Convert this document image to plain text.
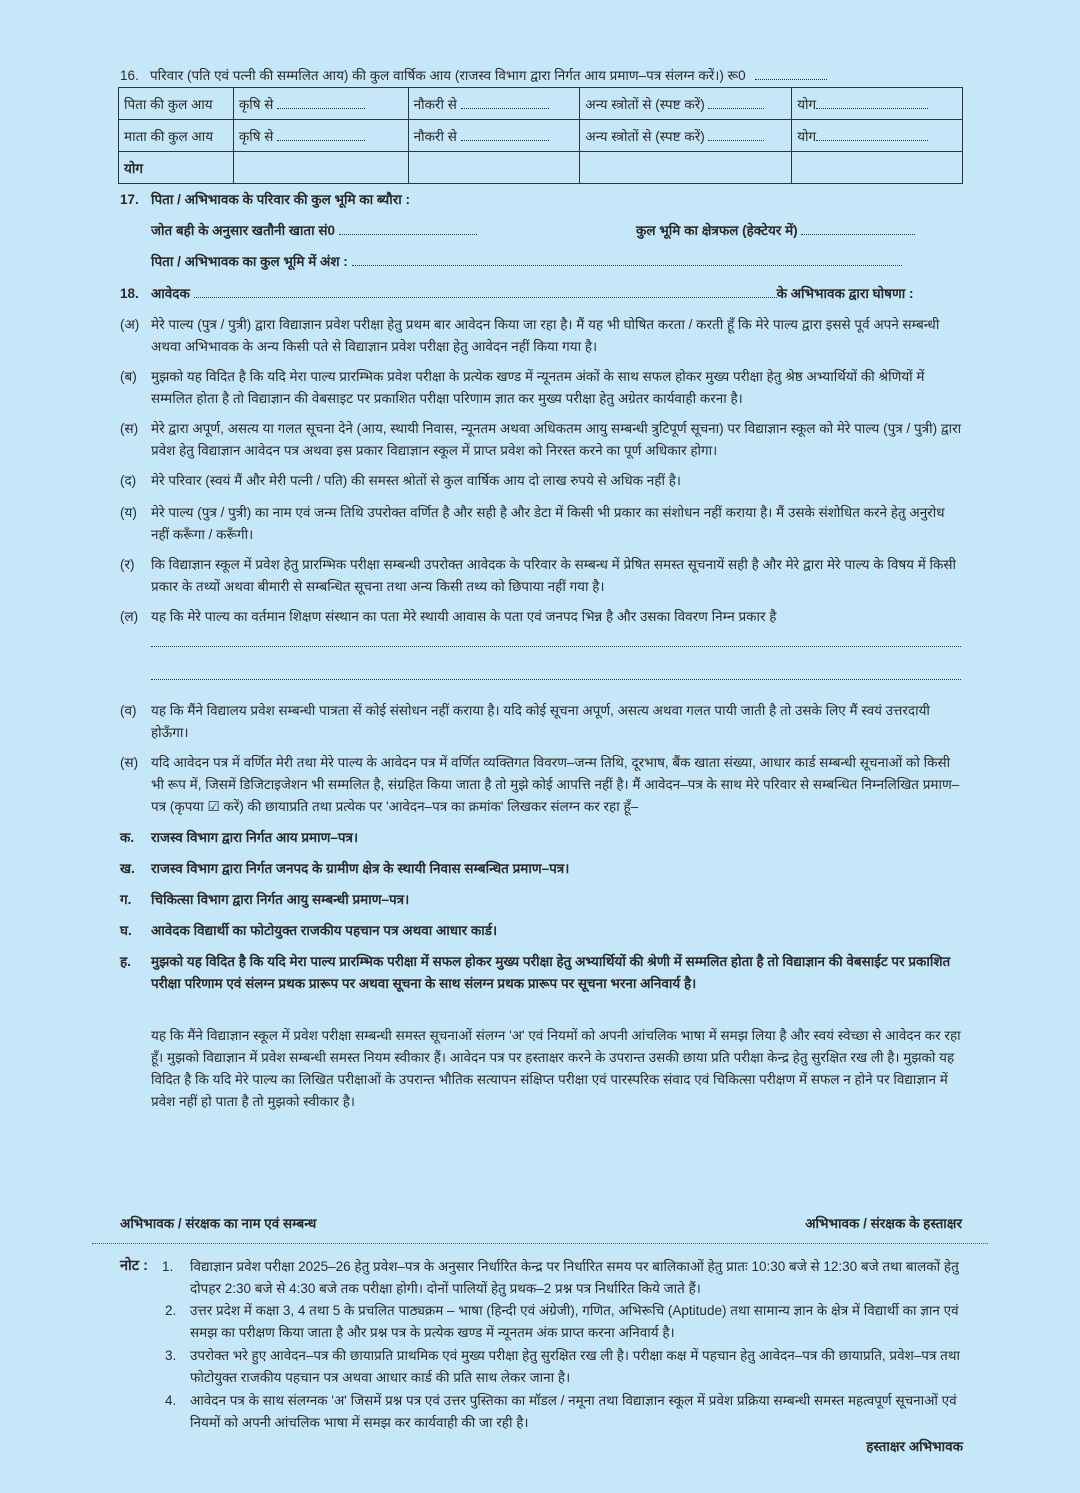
16. परिवार (पति एवं पत्नी की सम्मलित आय) की कुल वार्षिक आय (राजस्व विभाग द्वारा निर्गत आय प्रमाण–पत्र संलग्न करें।) रू0
पिता की कुल आय	कृषि से	नौकरी से	अन्य स्त्रोतों से (स्पष्ट करें)	योग
माता की कुल आय	कृषि से	नौकरी से	अन्य स्त्रोतों से (स्पष्ट करें)	योग
योग				
17. पिता / अभिभावक के परिवार की कुल भूमि का ब्यौरा :
जोत बही के अनुसार खतौनी खाता सं0	कुल भूमि का क्षेत्रफल (हेक्टेयर में)
पिता / अभिभावक का कुल भूमि में अंश :
18. आवेदक	के अभिभावक द्वारा घोषणा :
(अ) मेरे पाल्य (पुत्र / पुत्री) द्वारा विद्याज्ञान प्रवेश परीक्षा हेतु प्रथम बार आवेदन किया जा रहा है। मैं यह भी घोषित करता / करती हूँ कि मेरे पाल्य द्वारा इससे पूर्व अपने सम्बन्धी अथवा अभिभावक के अन्य किसी पते से विद्याज्ञान प्रवेश परीक्षा हेतु आवेदन नहीं किया गया है।
(ब)	मुझको यह विदित है कि यदि मेरा पाल्य प्रारम्भिक प्रवेश परीक्षा के प्रत्येक खण्ड में न्यूनतम अंकों के साथ सफल होकर मुख्य परीक्षा हेतु श्रेष्ठ अभ्यार्थियों की श्रेणियों में सम्मलित होता है तो विद्याज्ञान की वेबसाइट पर प्रकाशित परीक्षा परिणाम ज्ञात कर मुख्य परीक्षा हेतु अग्रेतर कार्यवाही करना है।
(स) मेरे द्वारा अपूर्ण, असत्य या गलत सूचना देने (आय, स्थायी निवास, न्यूनतम अथवा अधिकतम आयु सम्बन्धी त्रुटिपूर्ण सूचना) पर विद्याज्ञान स्कूल को मेरे पाल्य (पुत्र / पुत्री) द्वारा प्रवेश हेतु विद्याज्ञान आवेदन पत्र अथवा इस प्रकार विद्याज्ञान स्कूल में प्राप्त प्रवेश को निरस्त करने का पूर्ण अधिकार होगा।
(द)	मेरे परिवार (स्वयं मैं और मेरी पत्नी / पति) की समस्त श्रोतों से कुल वार्षिक आय दो लाख रुपये से अधिक नहीं है।
(य)	मेरे पाल्य (पुत्र / पुत्री) का नाम एवं जन्म तिथि उपरोक्त वर्णित है और सही है और डेटा में किसी भी प्रकार का संशोधन नहीं कराया है। मैं उसके संशोधित करने हेतु अनुरोध नहीं करूँगा / करूँगी।
(र)	कि विद्याज्ञान स्कूल में प्रवेश हेतु प्रारम्भिक परीक्षा सम्बन्धी उपरोक्त आवेदक के परिवार के सम्बन्ध में प्रेषित समस्त सूचनायें सही है और मेरे द्वारा मेरे पाल्य के विषय में किसी प्रकार के तथ्यों अथवा बीमारी से सम्बन्धित सूचना तथा अन्य किसी तथ्य को छिपाया नहीं गया है।
(ल) यह कि मेरे पाल्य का वर्तमान शिक्षण संस्थान का पता मेरे स्थायी आवास के पता एवं जनपद भिन्न है और उसका विवरण निम्न प्रकार है
(व)	यह कि मैंने विद्यालय प्रवेश सम्बन्धी पात्रता सें कोई संसोधन नहीं कराया है। यदि कोई सूचना अपूर्ण, असत्य अथवा गलत पायी जाती है तो उसके लिए मैं स्वयं उत्तरदायी होऊँगा।
(स) यदि आवेदन पत्र में वर्णित मेरी तथा मेरे पाल्य के आवेदन पत्र में वर्णित व्यक्तिगत विवरण–जन्म तिथि, दूरभाष, बैंक खाता संख्या, आधार कार्ड सम्बन्धी सूचनाओं को किसी भी रूप में, जिसमें डिजिटाइजेशन भी सम्मलित है, संग्रहित किया जाता है तो मुझे कोई आपत्ति नहीं है। मैं आवेदन–पत्र के साथ मेरे परिवार से सम्बन्धित निम्नलिखित प्रमाण–पत्र (कृपया ☑ करें) की छायाप्रति तथा प्रत्येक पर 'आवेदन–पत्र का क्रमांक' लिखकर संलग्न कर रहा हूँ–
क.	राजस्व विभाग द्वारा निर्गत आय प्रमाण–पत्र।
ख.	राजस्व विभाग द्वारा निर्गत जनपद के ग्रामीण क्षेत्र के स्थायी निवास सम्बन्धित प्रमाण–पत्र।
ग.	चिकित्सा विभाग द्वारा निर्गत आयु सम्बन्धी प्रमाण–पत्र।
घ.	आवेदक विद्यार्थी का फोटोयुक्त राजकीय पहचान पत्र अथवा आधार कार्ड।
ह.	मुझको यह विदित है कि यदि मेरा पाल्य प्रारम्भिक परीक्षा में सफल होकर मुख्य परीक्षा हेतु अभ्यार्थियों की श्रेणी में सम्मलित होता है तो विद्याज्ञान की वेबसाईट पर प्रकाशित परीक्षा परिणाम एवं संलग्न प्रथक प्रारूप पर अथवा सूचना के साथ संलग्न प्रथक प्रारूप पर सूचना भरना अनिवार्य है।
यह कि मैंने विद्याज्ञान स्कूल में प्रवेश परीक्षा सम्बन्धी समस्त सूचनाओं संलग्न 'अ' एवं नियमों को अपनी आंचलिक भाषा में समझ लिया है और स्वयं स्वेच्छा से आवेदन कर रहा हूँ। मुझको विद्याज्ञान में प्रवेश सम्बन्धी समस्त नियम स्वीकार हैं। आवेदन पत्र पर हस्ताक्षर करने के उपरान्त उसकी छाया प्रति परीक्षा केन्द्र हेतु सुरक्षित रख ली है। मुझको यह विदित है कि यदि मेरे पाल्य का लिखित परीक्षाओं के उपरान्त भौतिक सत्यापन संक्षिप्त परीक्षा एवं पारस्परिक संवाद एवं चिकित्सा परीक्षण में सफल न होने पर विद्याज्ञान में प्रवेश नहीं हो पाता है तो मुझको स्वीकार है।
अभिभावक / संरक्षक का नाम एवं सम्बन्ध	अभिभावक / संरक्षक के हस्ताक्षर
नोट : 1. विद्याज्ञान प्रवेश परीक्षा 2025–26 हेतु प्रवेश–पत्र के अनुसार निर्धारित केन्द्र पर निर्धारित समय पर बालिकाओं हेतु प्रातः 10:30 बजे से 12:30 बजे तथा बालकों हेतु दोपहर 2:30 बजे से 4:30 बजे तक परीक्षा होगी। दोनों पालियों हेतु प्रथक–2 प्रश्न पत्र निर्धारित किये जाते हैं।
2. उत्तर प्रदेश में कक्षा 3, 4 तथा 5 के प्रचलित पाठ्यक्रम – भाषा (हिन्दी एवं अंग्रेजी), गणित, अभिरूचि (Aptitude) तथा सामान्य ज्ञान के क्षेत्र में विद्यार्थी का ज्ञान एवं समझ का परीक्षण किया जाता है और प्रश्न पत्र के प्रत्येक खण्ड में न्यूनतम अंक प्राप्त करना अनिवार्य है।
3. उपरोक्त भरे हुए आवेदन–पत्र की छायाप्रति प्राथमिक एवं मुख्य परीक्षा हेतु सुरक्षित रख ली है। परीक्षा कक्ष में पहचान हेतु आवेदन–पत्र की छायाप्रति, प्रवेश–पत्र तथा फोटोयुक्त राजकीय पहचान पत्र अथवा आधार कार्ड की प्रति साथ लेकर जाना है।
4. आवेदन पत्र के साथ संलग्नक 'अ' जिसमें प्रश्न पत्र एवं उत्तर पुस्तिका का मॉडल / नमूना तथा विद्याज्ञान स्कूल में प्रवेश प्रक्रिया सम्बन्धी समस्त महत्वपूर्ण सूचनाओं एवं नियमों को अपनी आंचलिक भाषा में समझ कर कार्यवाही की जा रही है।
हस्ताक्षर अभिभावक
